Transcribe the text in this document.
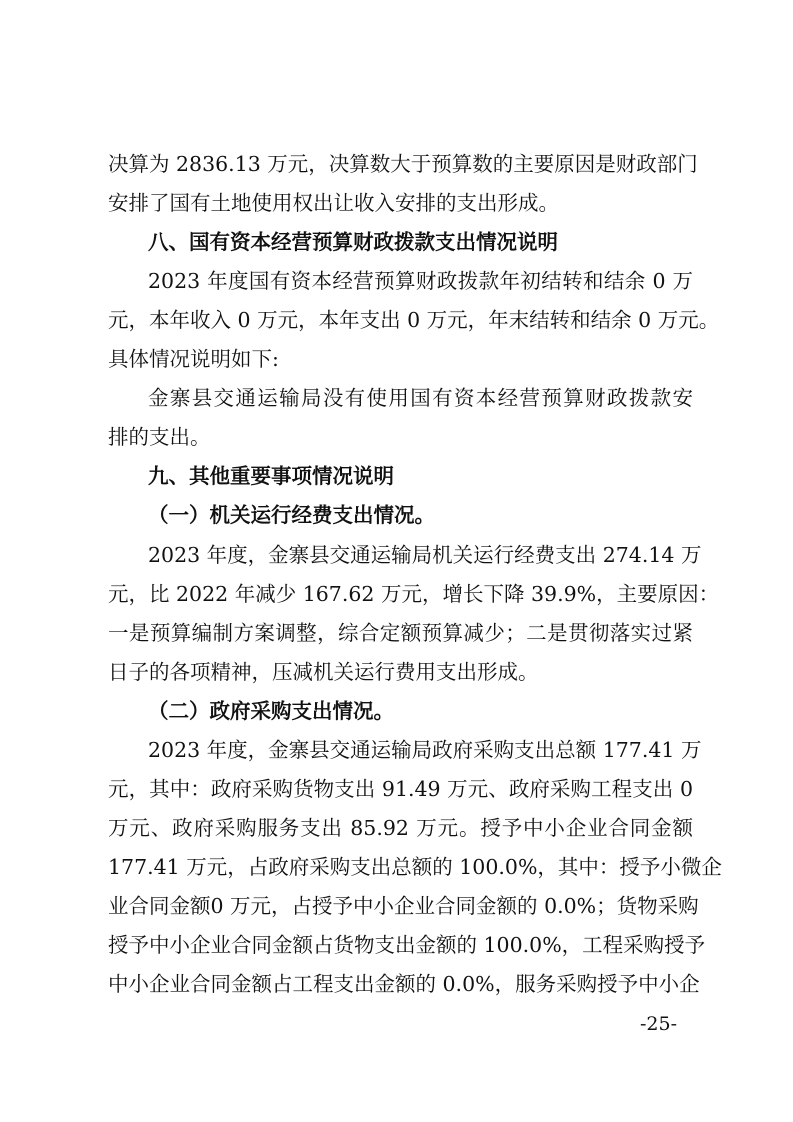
决算为 2836.13 万元，决算数大于预算数的主要原因是财政部门
安排了国有土地使用权出让收入安排的支出形成。
八、国有资本经营预算财政拨款支出情况说明
2023 年度国有资本经营预算财政拨款年初结转和结余 0 万
元，本年收入 0 万元，本年支出 0 万元，年末结转和结余 0 万元。
具体情况说明如下:
金寨县交通运输局没有使用国有资本经营预算财政拨款安
排的支出。
九、其他重要事项情况说明
（一）机关运行经费支出情况。
2023 年度，金寨县交通运输局机关运行经费支出 274.14 万
元，比 2022 年减少 167.62 万元，增长下降 39.9%，主要原因：
一是预算编制方案调整，综合定额预算减少；二是贯彻落实过紧
日子的各项精神，压减机关运行费用支出形成。
（二）政府采购支出情况。
2023 年度，金寨县交通运输局政府采购支出总额 177.41 万
元，其中：政府采购货物支出 91.49 万元、政府采购工程支出 0
万元、政府采购服务支出 85.92 万元。授予中小企业合同金额
177.41 万元，占政府采购支出总额的 100.0%，其中：授予小微企
业合同金额0 万元，占授予中小企业合同金额的 0.0%；货物采购
授予中小企业合同金额占货物支出金额的 100.0%，工程采购授予
中小企业合同金额占工程支出金额的 0.0%，服务采购授予中小企
-25-
